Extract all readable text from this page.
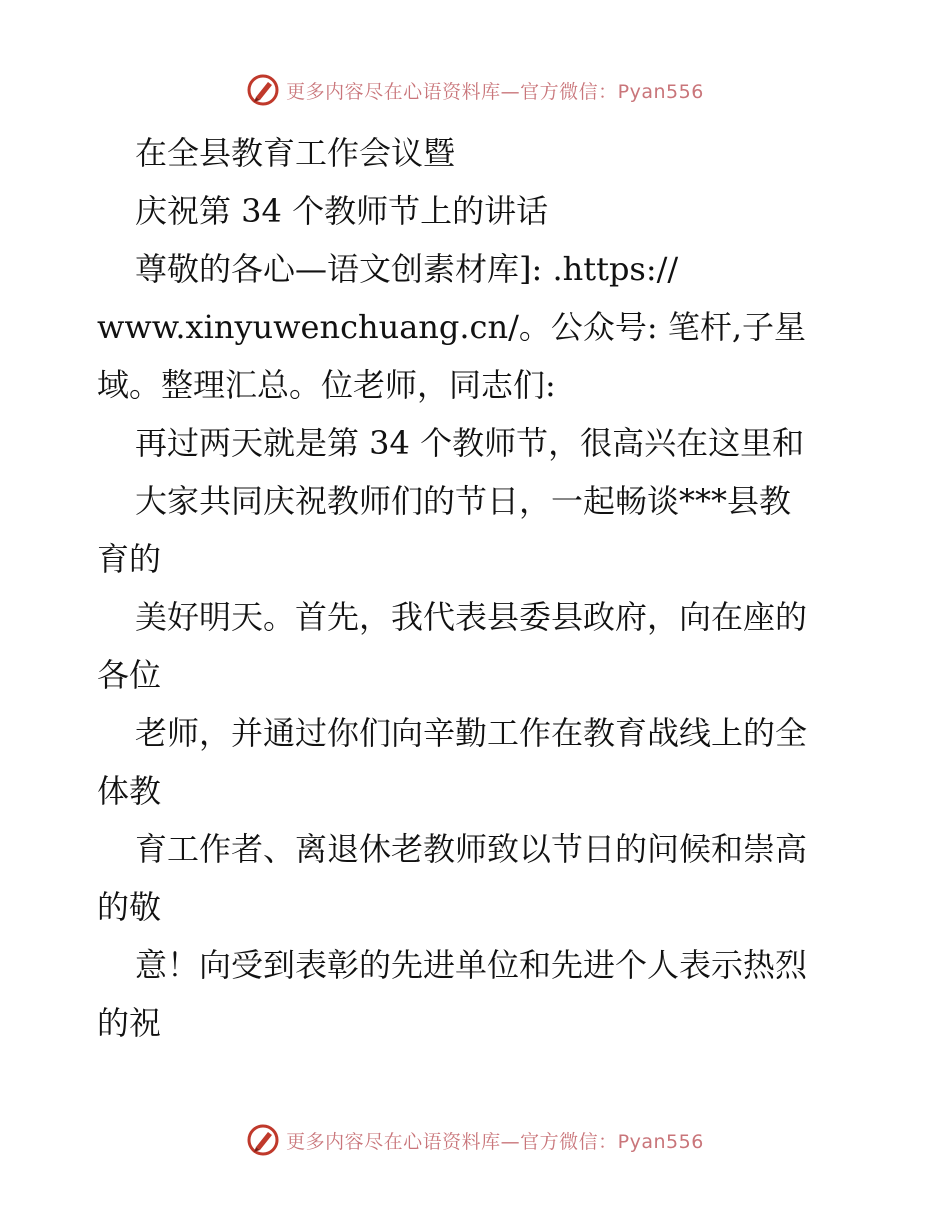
更多内容尽在心语资料库—官方微信：Pyan556
在全县教育工作会议暨
庆祝第 34 个教师节上的讲话
尊敬的各心—语文创素材库]: .https://
www.xinyuwenchuang.cn/。公众号: 笔杆,子星
域。整理汇总。位老师，同志们:
再过两天就是第 34 个教师节，很高兴在这里和
大家共同庆祝教师们的节日，一起畅谈***县教
育的
美好明天。首先，我代表县委县政府，向在座的
各位
老师，并通过你们向辛勤工作在教育战线上的全
体教
育工作者、离退休老教师致以节日的问候和崇高
的敬
意！向受到表彰的先进单位和先进个人表示热烈
的祝
更多内容尽在心语资料库—官方微信：Pyan556
